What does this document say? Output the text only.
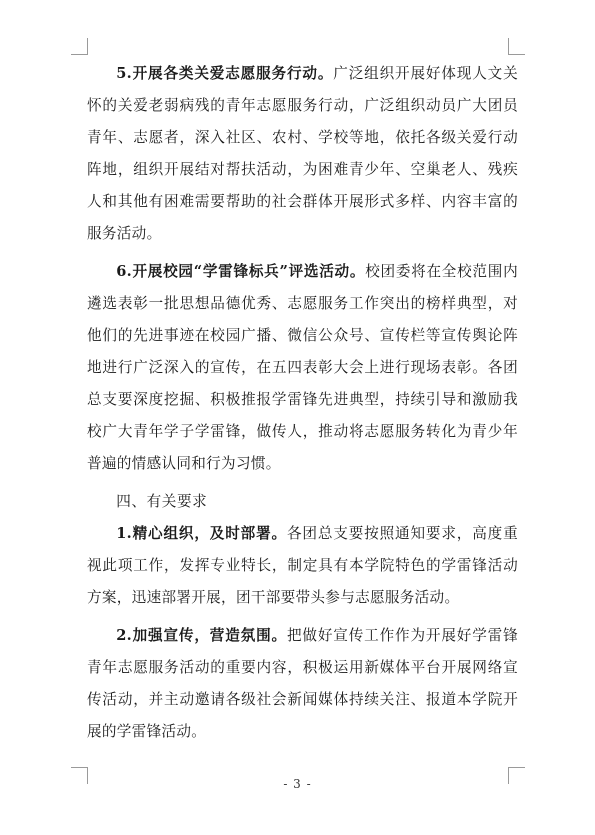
5.开展各类关爱志愿服务行动。广泛组织开展好体现人文关怀的关爱老弱病残的青年志愿服务行动，广泛组织动员广大团员青年、志愿者，深入社区、农村、学校等地，依托各级关爱行动阵地，组织开展结对帮扶活动，为困难青少年、空巢老人、残疾人和其他有困难需要帮助的社会群体开展形式多样、内容丰富的服务活动。

6.开展校园“学雷锋标兵”评选活动。校团委将在全校范围内遴选表彰一批思想品德优秀、志愿服务工作突出的榜样典型，对他们的先进事迹在校园广播、微信公众号、宣传栏等宣传舆论阵地进行广泛深入的宣传，在五四表彰大会上进行现场表彰。各团总支要深度挖掘、积极推报学雷锋先进典型，持续引导和激励我校广大青年学子学雷锋，做传人，推动将志愿服务转化为青少年普遍的情感认同和行为习惯。

四、有关要求

1.精心组织，及时部署。各团总支要按照通知要求，高度重视此项工作，发挥专业特长，制定具有本学院特色的学雷锋活动方案，迅速部署开展，团干部要带头参与志愿服务活动。

2.加强宣传，营造氛围。把做好宣传工作作为开展好学雷锋青年志愿服务活动的重要内容，积极运用新媒体平台开展网络宣传活动，并主动邀请各级社会新闻媒体持续关注、报道本学院开展的学雷锋活动。

- 3 -
